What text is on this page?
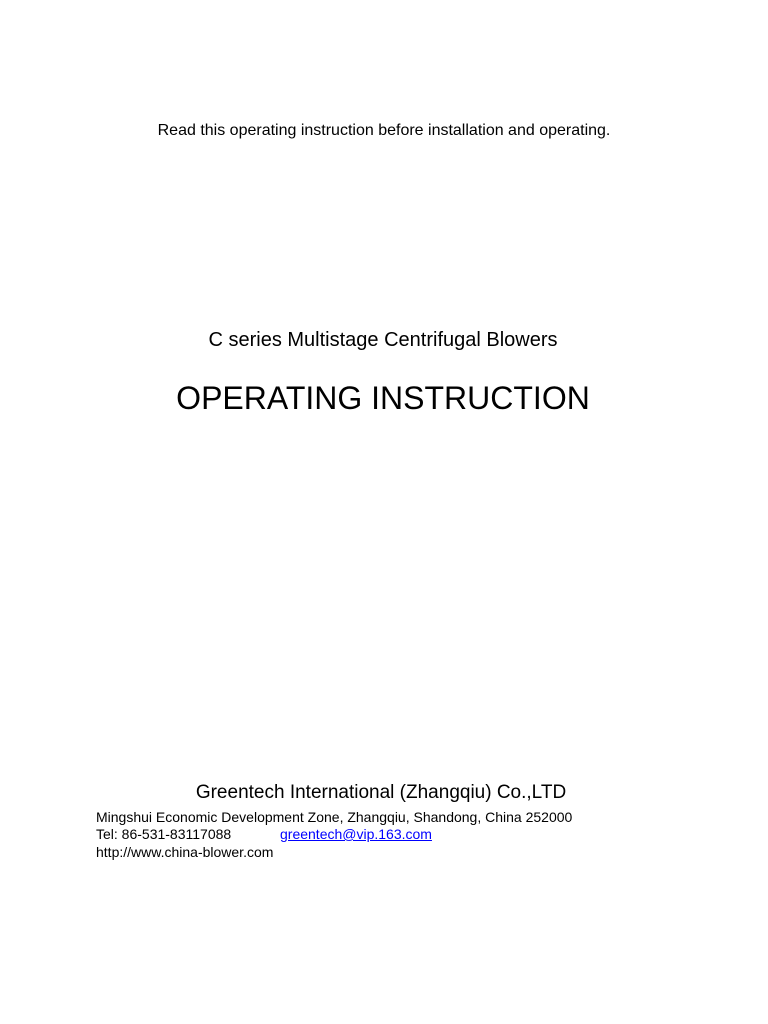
Read this operating instruction before installation and operating.
C series Multistage Centrifugal Blowers
OPERATING INSTRUCTION
Greentech International (Zhangqiu) Co.,LTD
Mingshui Economic Development Zone, Zhangqiu, Shandong, China 252000
Tel: 86-531-83117088	greentech@vip.163.com
http://www.china-blower.com
